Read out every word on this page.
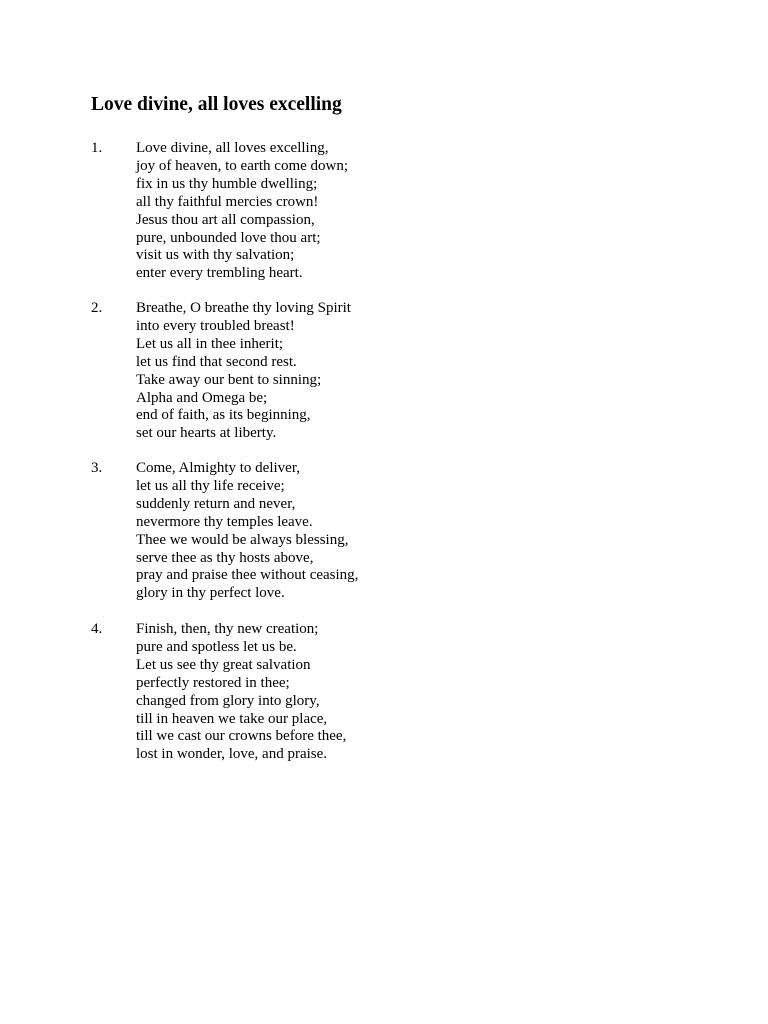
Love divine, all loves excelling
1. Love divine, all loves excelling,
joy of heaven, to earth come down;
fix in us thy humble dwelling;
all thy faithful mercies crown!
Jesus thou art all compassion,
pure, unbounded love thou art;
visit us with thy salvation;
enter every trembling heart.
2. Breathe, O breathe thy loving Spirit
into every troubled breast!
Let us all in thee inherit;
let us find that second rest.
Take away our bent to sinning;
Alpha and Omega be;
end of faith, as its beginning,
set our hearts at liberty.
3. Come, Almighty to deliver,
let us all thy life receive;
suddenly return and never,
nevermore thy temples leave.
Thee we would be always blessing,
serve thee as thy hosts above,
pray and praise thee without ceasing,
glory in thy perfect love.
4. Finish, then, thy new creation;
pure and spotless let us be.
Let us see thy great salvation
perfectly restored in thee;
changed from glory into glory,
till in heaven we take our place,
till we cast our crowns before thee,
lost in wonder, love, and praise.
